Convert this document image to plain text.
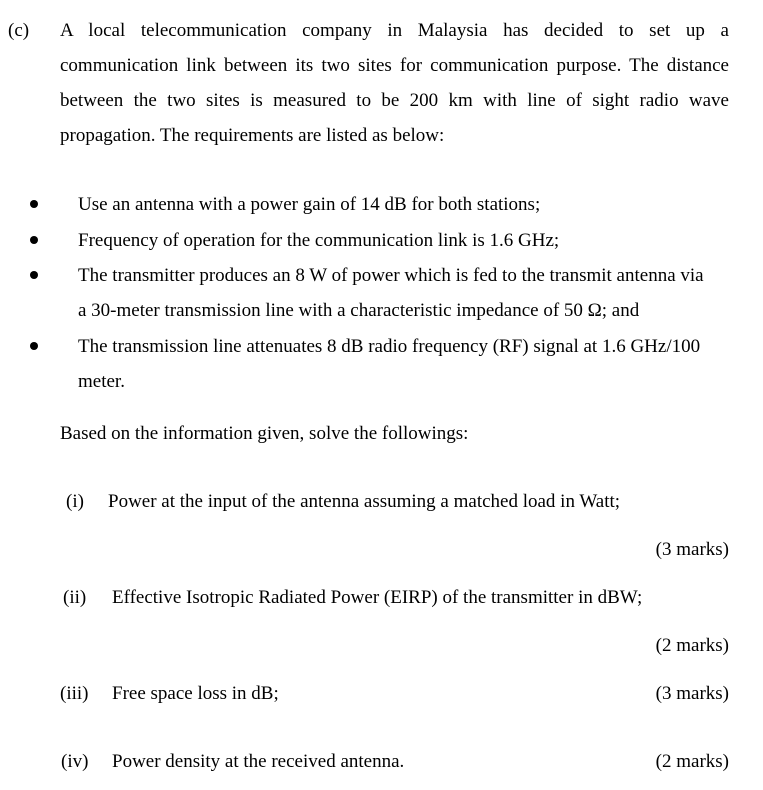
(c) A local telecommunication company in Malaysia has decided to set up a
communication link between its two sites for communication purpose. The distance
between the two sites is measured to be 200 km with line of sight radio wave
propagation. The requirements are listed as below:
Use an antenna with a power gain of 14 dB for both stations;
Frequency of operation for the communication link is 1.6 GHz;
The transmitter produces an 8 W of power which is fed to the transmit antenna via
a 30-meter transmission line with a characteristic impedance of 50 Ω; and
The transmission line attenuates 8 dB radio frequency (RF) signal at 1.6 GHz/100
meter.
Based on the information given, solve the followings:
(i) Power at the input of the antenna assuming a matched load in Watt;
(3 marks)
(ii) Effective Isotropic Radiated Power (EIRP) of the transmitter in dBW;
(2 marks)
(iii) Free space loss in dB;	(3 marks)
(iv) Power density at the received antenna.	(2 marks)
